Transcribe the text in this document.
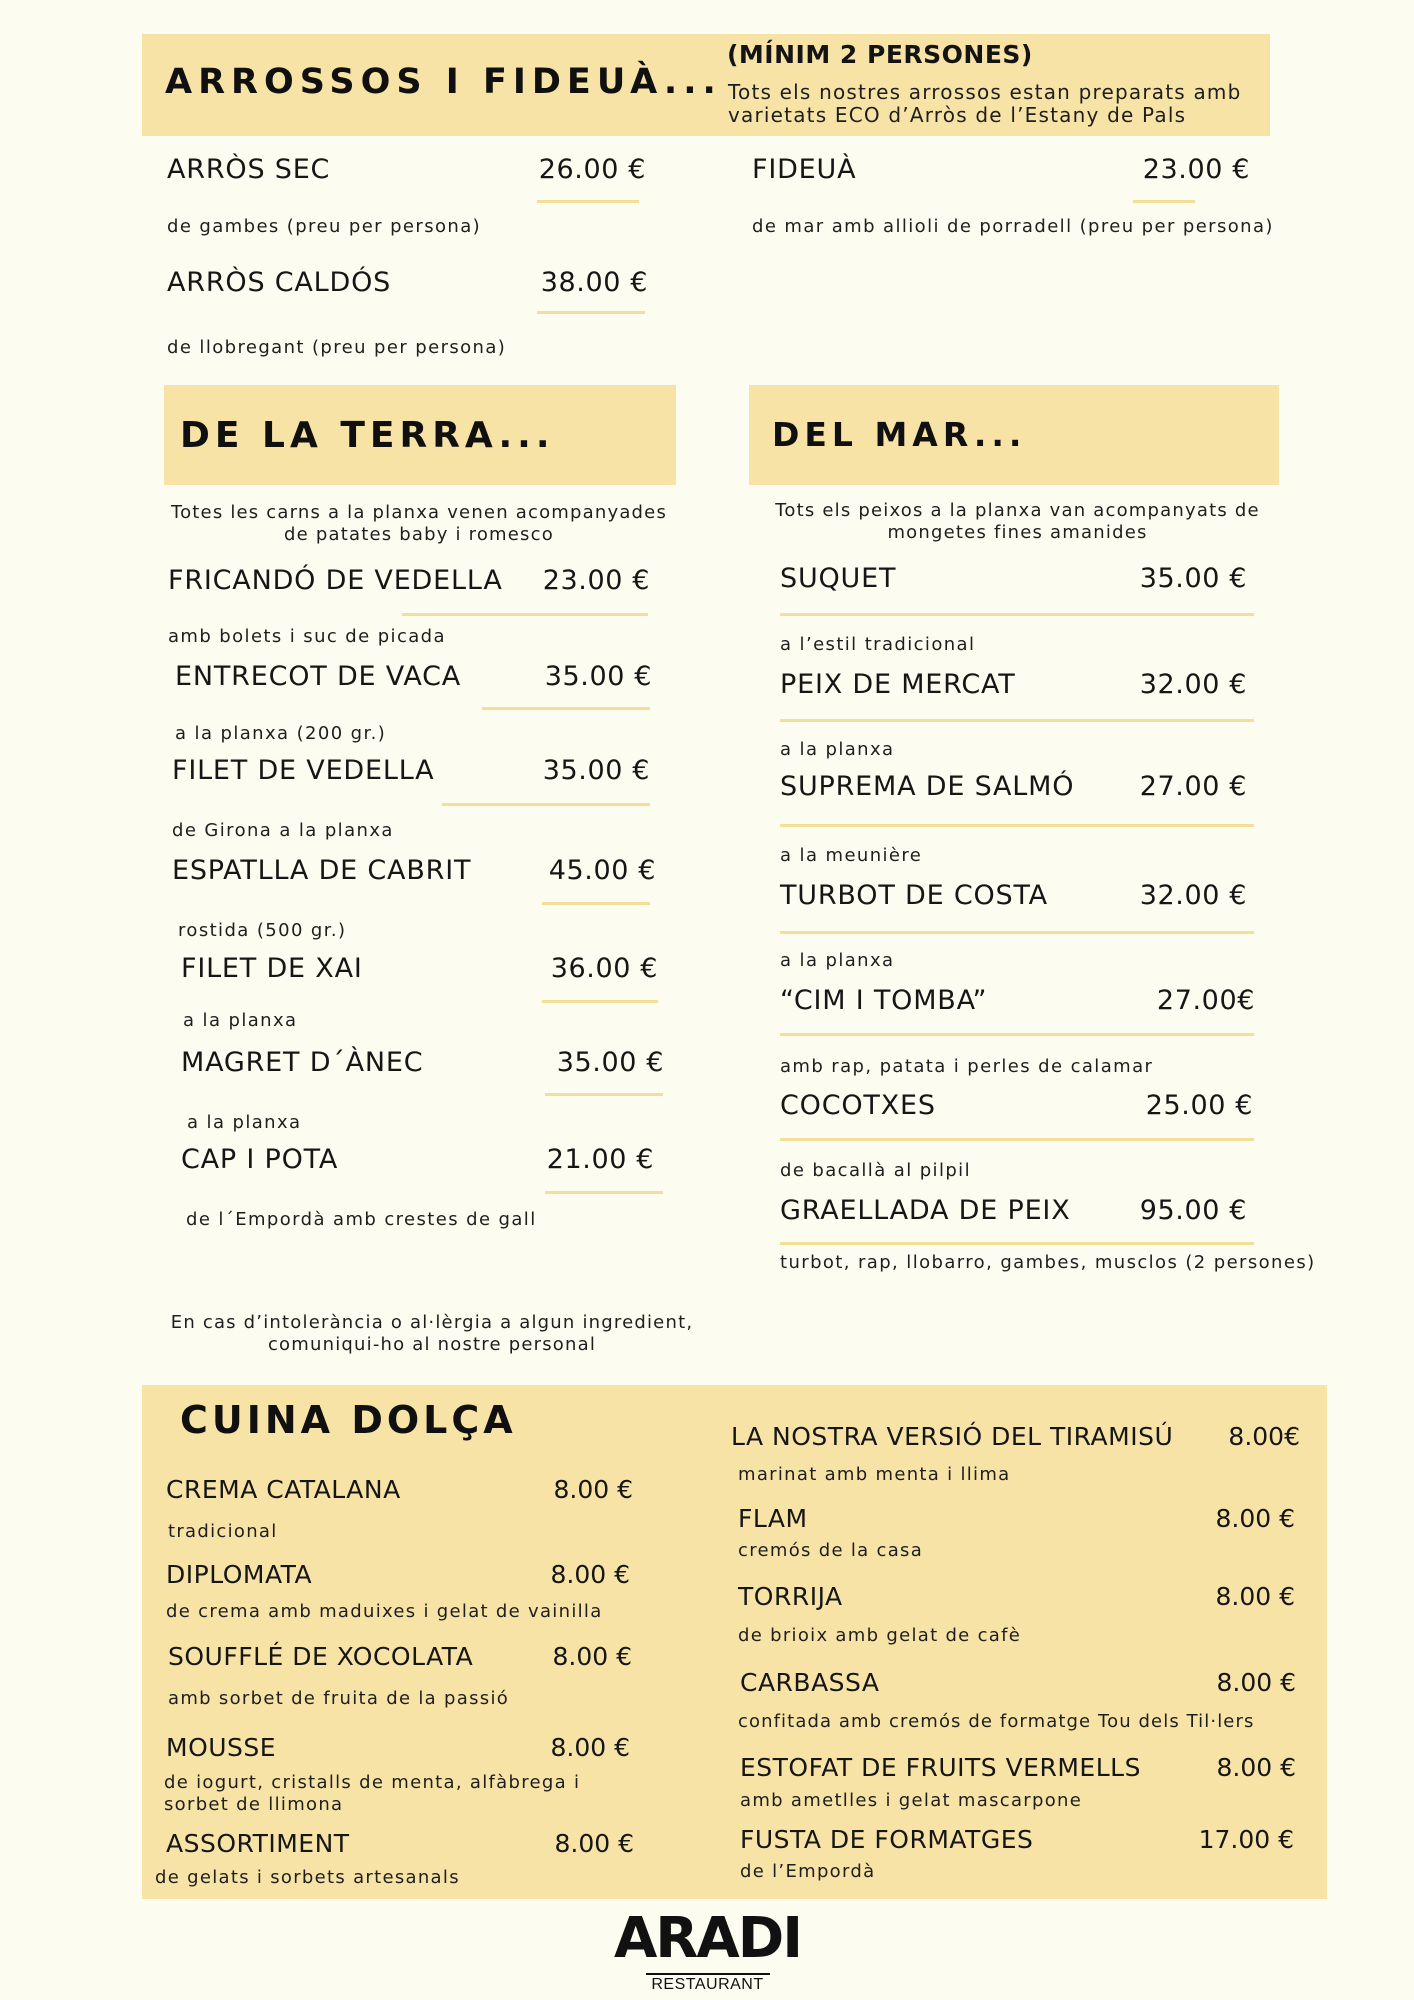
ARROSSOS I FIDEUÀ...
(MÍNIM 2 PERSONES)
Tots els nostres arrossos estan preparats amb
varietats ECO d’Arròs de l’Estany de Pals
ARRÒS SEC	26.00 €
de gambes (preu per persona)
ARRÒS CALDÓS	38.00 €
de llobregant (preu per persona)
FIDEUÀ	23.00 €
de mar amb allioli de porradell (preu per persona)
DE LA TERRA...
Totes les carns a la planxa venen acompanyades
de patates baby i romesco
FRICANDÓ DE VEDELLA	23.00 €
amb bolets i suc de picada
ENTRECOT DE VACA	35.00 €
a la planxa (200 gr.)
FILET DE VEDELLA	35.00 €
de Girona a la planxa
ESPATLLA DE CABRIT	45.00 €
rostida (500 gr.)
FILET DE XAI	36.00 €
a la planxa
MAGRET D´ÀNEC	35.00 €
a la planxa
CAP I POTA	21.00 €
de l´Empordà amb crestes de gall
DEL MAR...
Tots els peixos a la planxa van acompanyats de
mongetes fines amanides
SUQUET	35.00 €
a l’estil tradicional
PEIX DE MERCAT	32.00 €
a la planxa
SUPREMA DE SALMÓ	27.00 €
a la meunière
TURBOT DE COSTA	32.00 €
a la planxa
“CIM I TOMBA”	27.00€
amb rap, patata i perles de calamar
COCOTXES	25.00 €
de bacallà al pilpil
GRAELLADA DE PEIX	95.00 €
turbot, rap, llobarro, gambes, musclos (2 persones)
En cas d’intolerància o al·lèrgia a algun ingredient,
comuniqui-ho al nostre personal
CUINA DOLÇA
CREMA CATALANA	8.00 €
tradicional
DIPLOMATA	8.00 €
de crema amb maduixes i gelat de vainilla
SOUFFLÉ DE XOCOLATA	8.00 €
amb sorbet de fruita de la passió
MOUSSE	8.00 €
de iogurt, cristalls de menta, alfàbrega i
sorbet de llimona
ASSORTIMENT	8.00 €
de gelats i sorbets artesanals
LA NOSTRA VERSIÓ DEL TIRAMISÚ	8.00€
marinat amb menta i llima
FLAM	8.00 €
cremós de la casa
TORRIJA	8.00 €
de brioix amb gelat de cafè
CARBASSA	8.00 €
confitada amb cremós de formatge Tou dels Til·lers
ESTOFAT DE FRUITS VERMELLS	8.00 €
amb ametlles i gelat mascarpone
FUSTA DE FORMATGES	17.00 €
de l’Empordà
ARADI
RESTAURANT
